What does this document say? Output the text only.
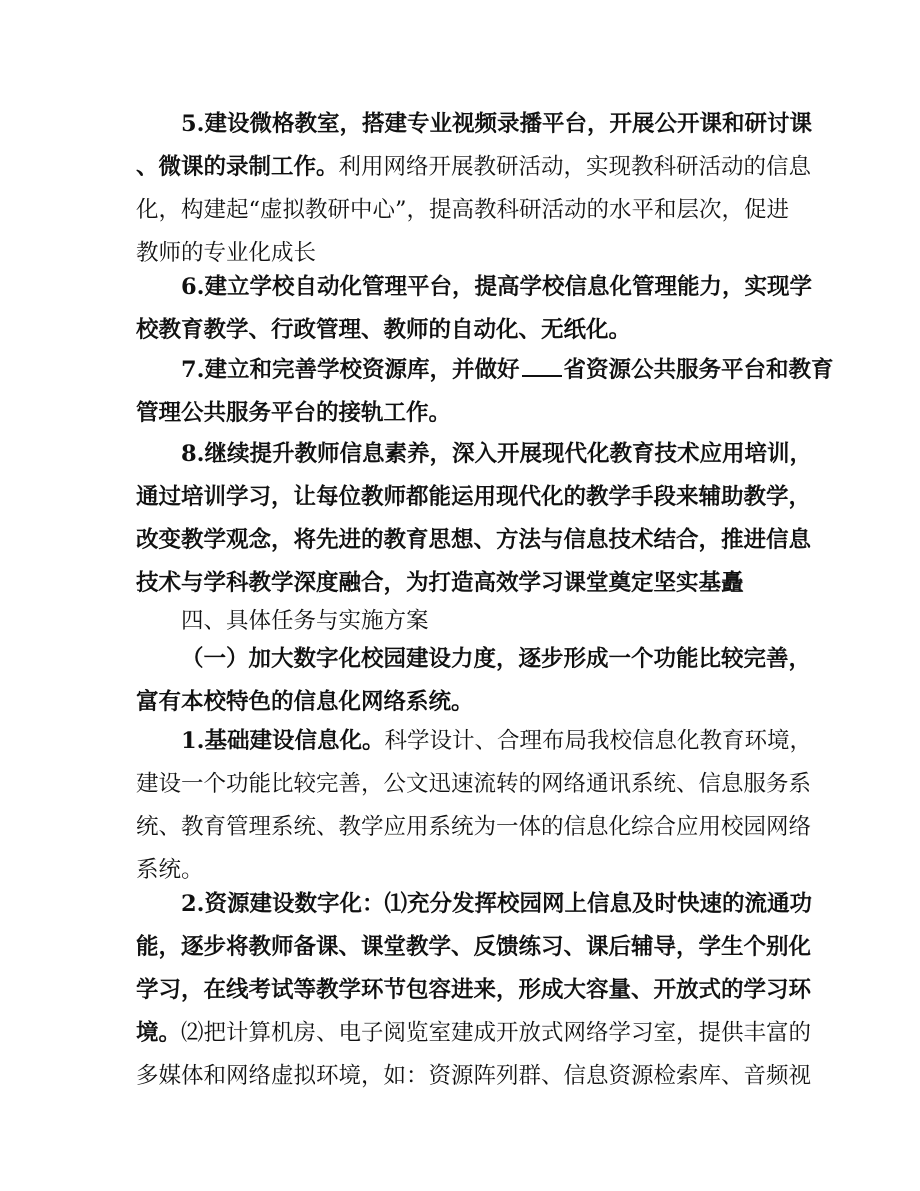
5.建设微格教室，搭建专业视频录播平台，开展公开课和研讨课
、微课的录制工作。利用网络开展教研活动，实现教科研活动的信息
化，构建起“虚拟教研中心”，提高教科研活动的水平和层次，促进
教师的专业化成长
6.建立学校自动化管理平台，提高学校信息化管理能力，实现学
校教育教学、行政管理、教师的自动化、无纸化。
7.建立和完善学校资源库，并做好 省资源公共服务平台和教育
管理公共服务平台的接轨工作。
8.继续提升教师信息素养，深入开展现代化教育技术应用培训，
通过培训学习，让每位教师都能运用现代化的教学手段来辅助教学，
改变教学观念，将先进的教育思想、方法与信息技术结合，推进信息
技术与学科教学深度融合，为打造高效学习课堂奠定坚实基矗
四、具体任务与实施方案
（一）加大数字化校园建设力度，逐步形成一个功能比较完善，
富有本校特色的信息化网络系统。
1.基础建设信息化。科学设计、合理布局我校信息化教育环境，
建设一个功能比较完善，公文迅速流转的网络通讯系统、信息服务系
统、教育管理系统、教学应用系统为一体的信息化综合应用校园网络
系统。
2.资源建设数字化：⑴充分发挥校园网上信息及时快速的流通功
能，逐步将教师备课、课堂教学、反馈练习、课后辅导，学生个别化
学习，在线考试等教学环节包容进来，形成大容量、开放式的学习环
境。⑵把计算机房、电子阅览室建成开放式网络学习室，提供丰富的
多媒体和网络虚拟环境，如：资源阵列群、信息资源检索库、音频视
